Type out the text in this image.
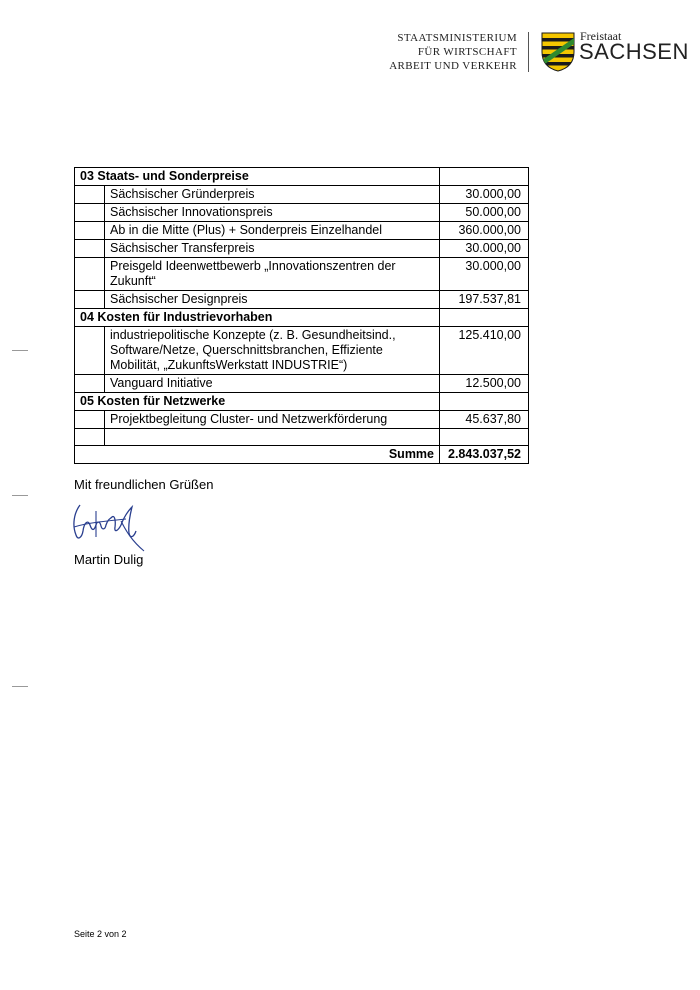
STAATSMINISTERIUM
FÜR WIRTSCHAFT
ARBEIT UND VERKEHR
Freistaat
SACHSEN
03 Staats- und Sonderpreise		
	Sächsischer Gründerpreis	30.000,00
	Sächsischer Innovationspreis	50.000,00
	Ab in die Mitte (Plus) + Sonderpreis Einzelhandel	360.000,00
	Sächsischer Transferpreis	30.000,00
	Preisgeld Ideenwettbewerb „Innovationszentren der Zukunft“	30.000,00
	Sächsischer Designpreis	197.537,81
04 Kosten für Industrievorhaben		
	industriepolitische Konzepte (z. B. Gesundheitsind., Software/Netze, Querschnittsbranchen, Effiziente Mobilität, „ZukunftsWerkstatt INDUSTRIE“)	125.410,00
	Vanguard Initiative	12.500,00
05 Kosten für Netzwerke		
	Projektbegleitung Cluster- und Netzwerkförderung	45.637,80

Summe		2.843.037,52
Mit freundlichen Grüßen
Martin Dulig
Seite 2 von 2
